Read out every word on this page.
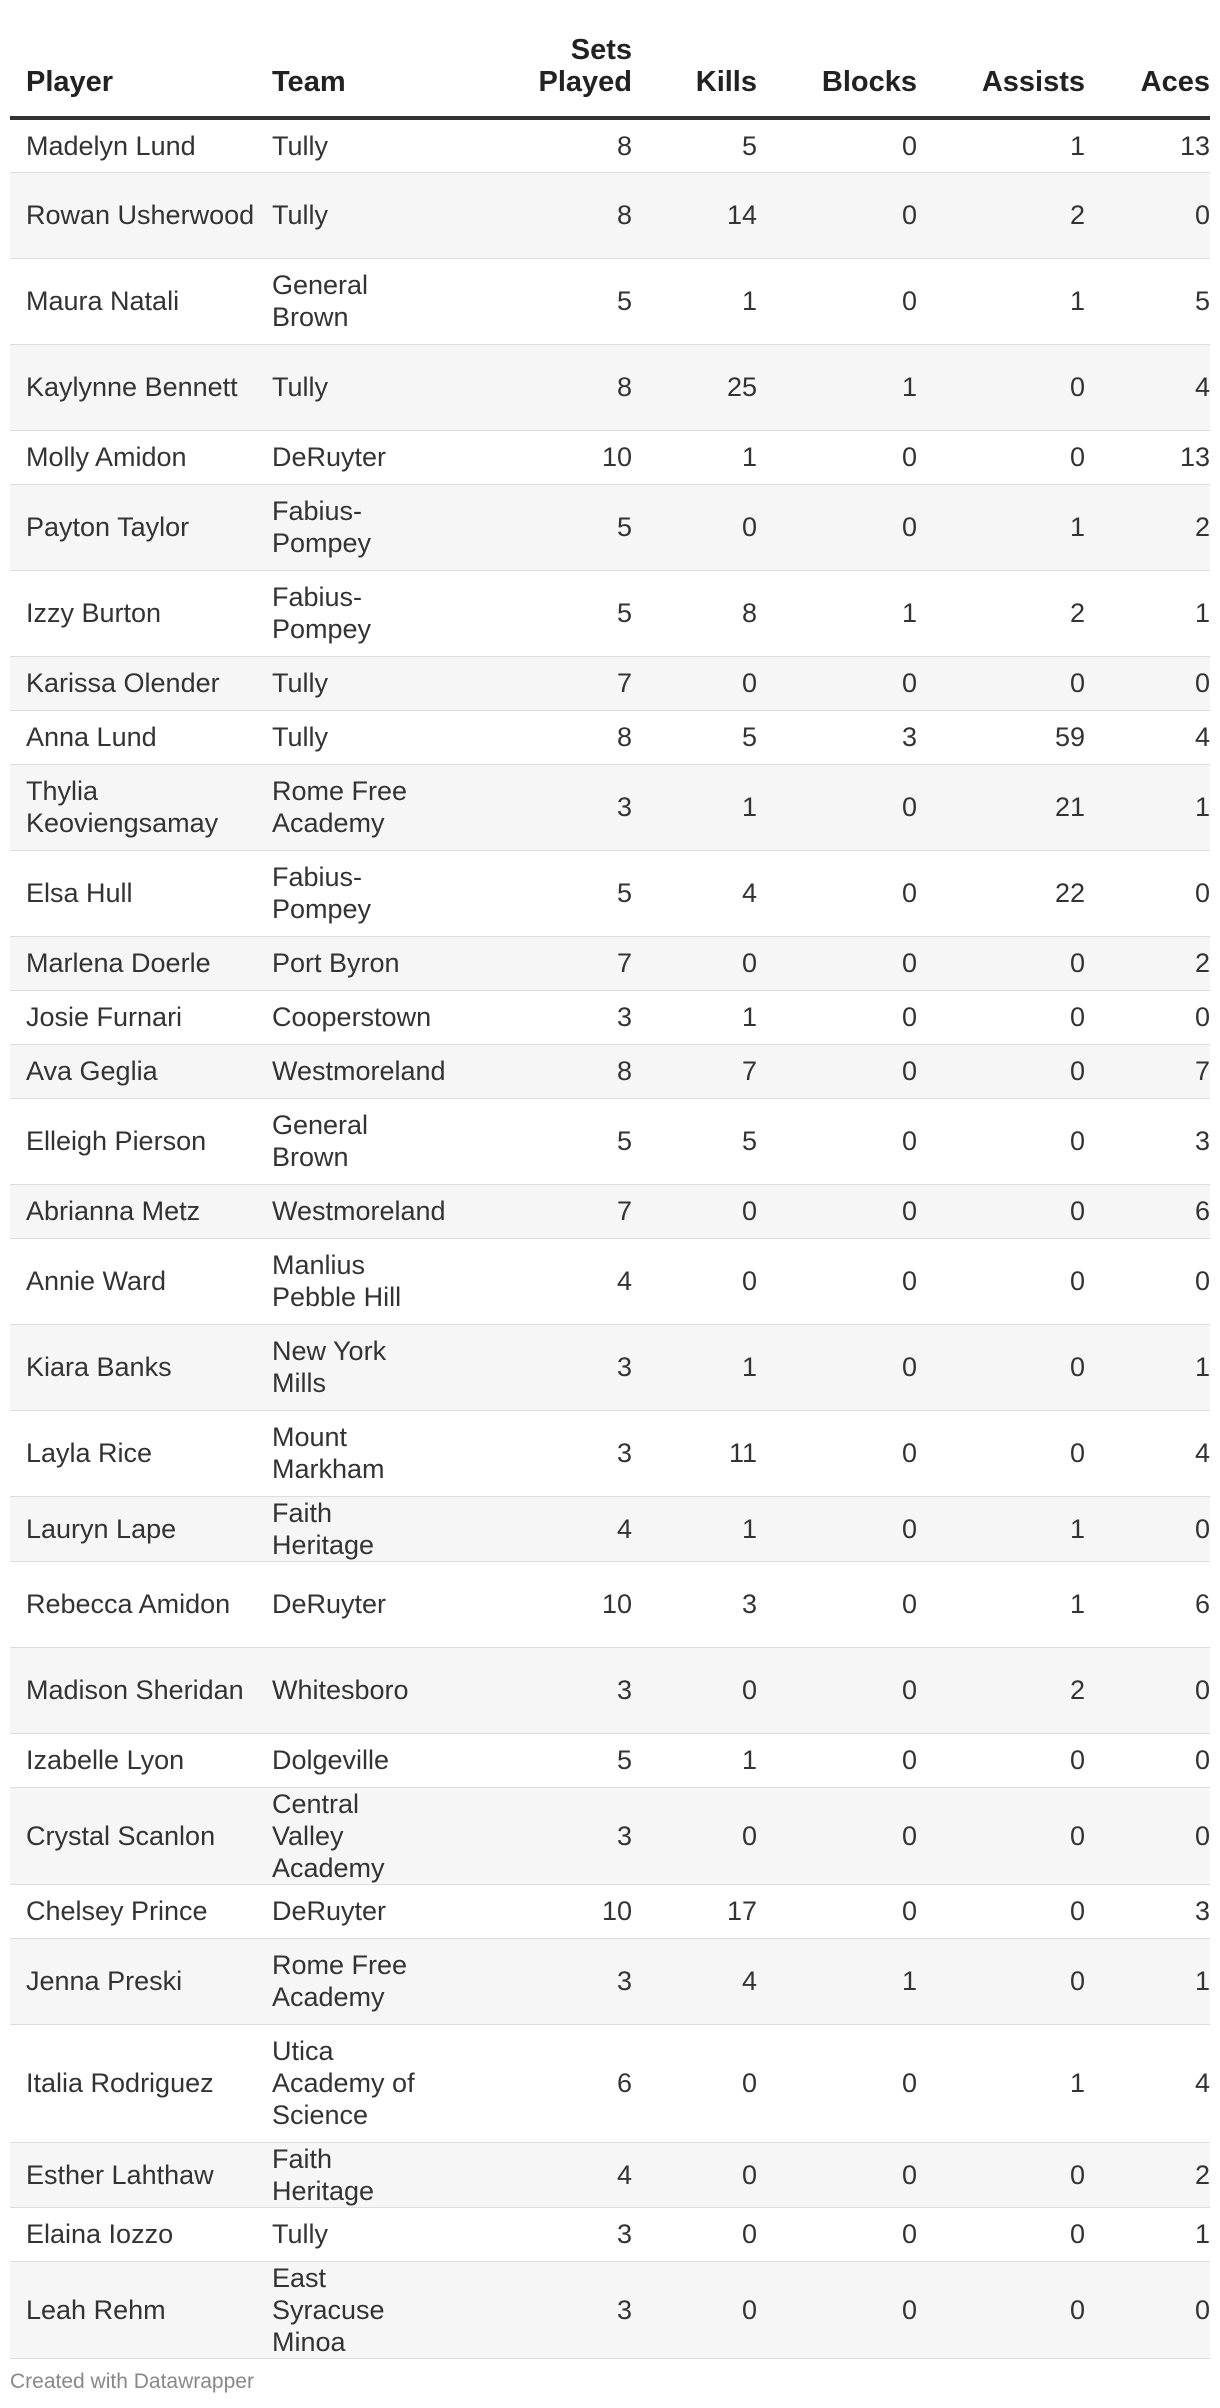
Player	Team	Sets Played	Kills	Blocks	Assists	Aces
Madelyn Lund	Tully	8	5	0	1	13
Rowan Usherwood	Tully	8	14	0	2	0
Maura Natali	General Brown	5	1	0	1	5
Kaylynne Bennett	Tully	8	25	1	0	4
Molly Amidon	DeRuyter	10	1	0	0	13
Payton Taylor	Fabius-Pompey	5	0	0	1	2
Izzy Burton	Fabius-Pompey	5	8	1	2	1
Karissa Olender	Tully	7	0	0	0	0
Anna Lund	Tully	8	5	3	59	4
Thylia Keoviengsamay	Rome Free Academy	3	1	0	21	1
Elsa Hull	Fabius-Pompey	5	4	0	22	0
Marlena Doerle	Port Byron	7	0	0	0	2
Josie Furnari	Cooperstown	3	1	0	0	0
Ava Geglia	Westmoreland	8	7	0	0	7
Elleigh Pierson	General Brown	5	5	0	0	3
Abrianna Metz	Westmoreland	7	0	0	0	6
Annie Ward	Manlius Pebble Hill	4	0	0	0	0
Kiara Banks	New York Mills	3	1	0	0	1
Layla Rice	Mount Markham	3	11	0	0	4
Lauryn Lape	Faith Heritage	4	1	0	1	0
Rebecca Amidon	DeRuyter	10	3	0	1	6
Madison Sheridan	Whitesboro	3	0	0	2	0
Izabelle Lyon	Dolgeville	5	1	0	0	0
Crystal Scanlon	Central Valley Academy	3	0	0	0	0
Chelsey Prince	DeRuyter	10	17	0	0	3
Jenna Preski	Rome Free Academy	3	4	1	0	1
Italia Rodriguez	Utica Academy of Science	6	0	0	1	4
Esther Lahthaw	Faith Heritage	4	0	0	0	2
Elaina Iozzo	Tully	3	0	0	0	1
Leah Rehm	East Syracuse Minoa	3	0	0	0	0
Created with Datawrapper
